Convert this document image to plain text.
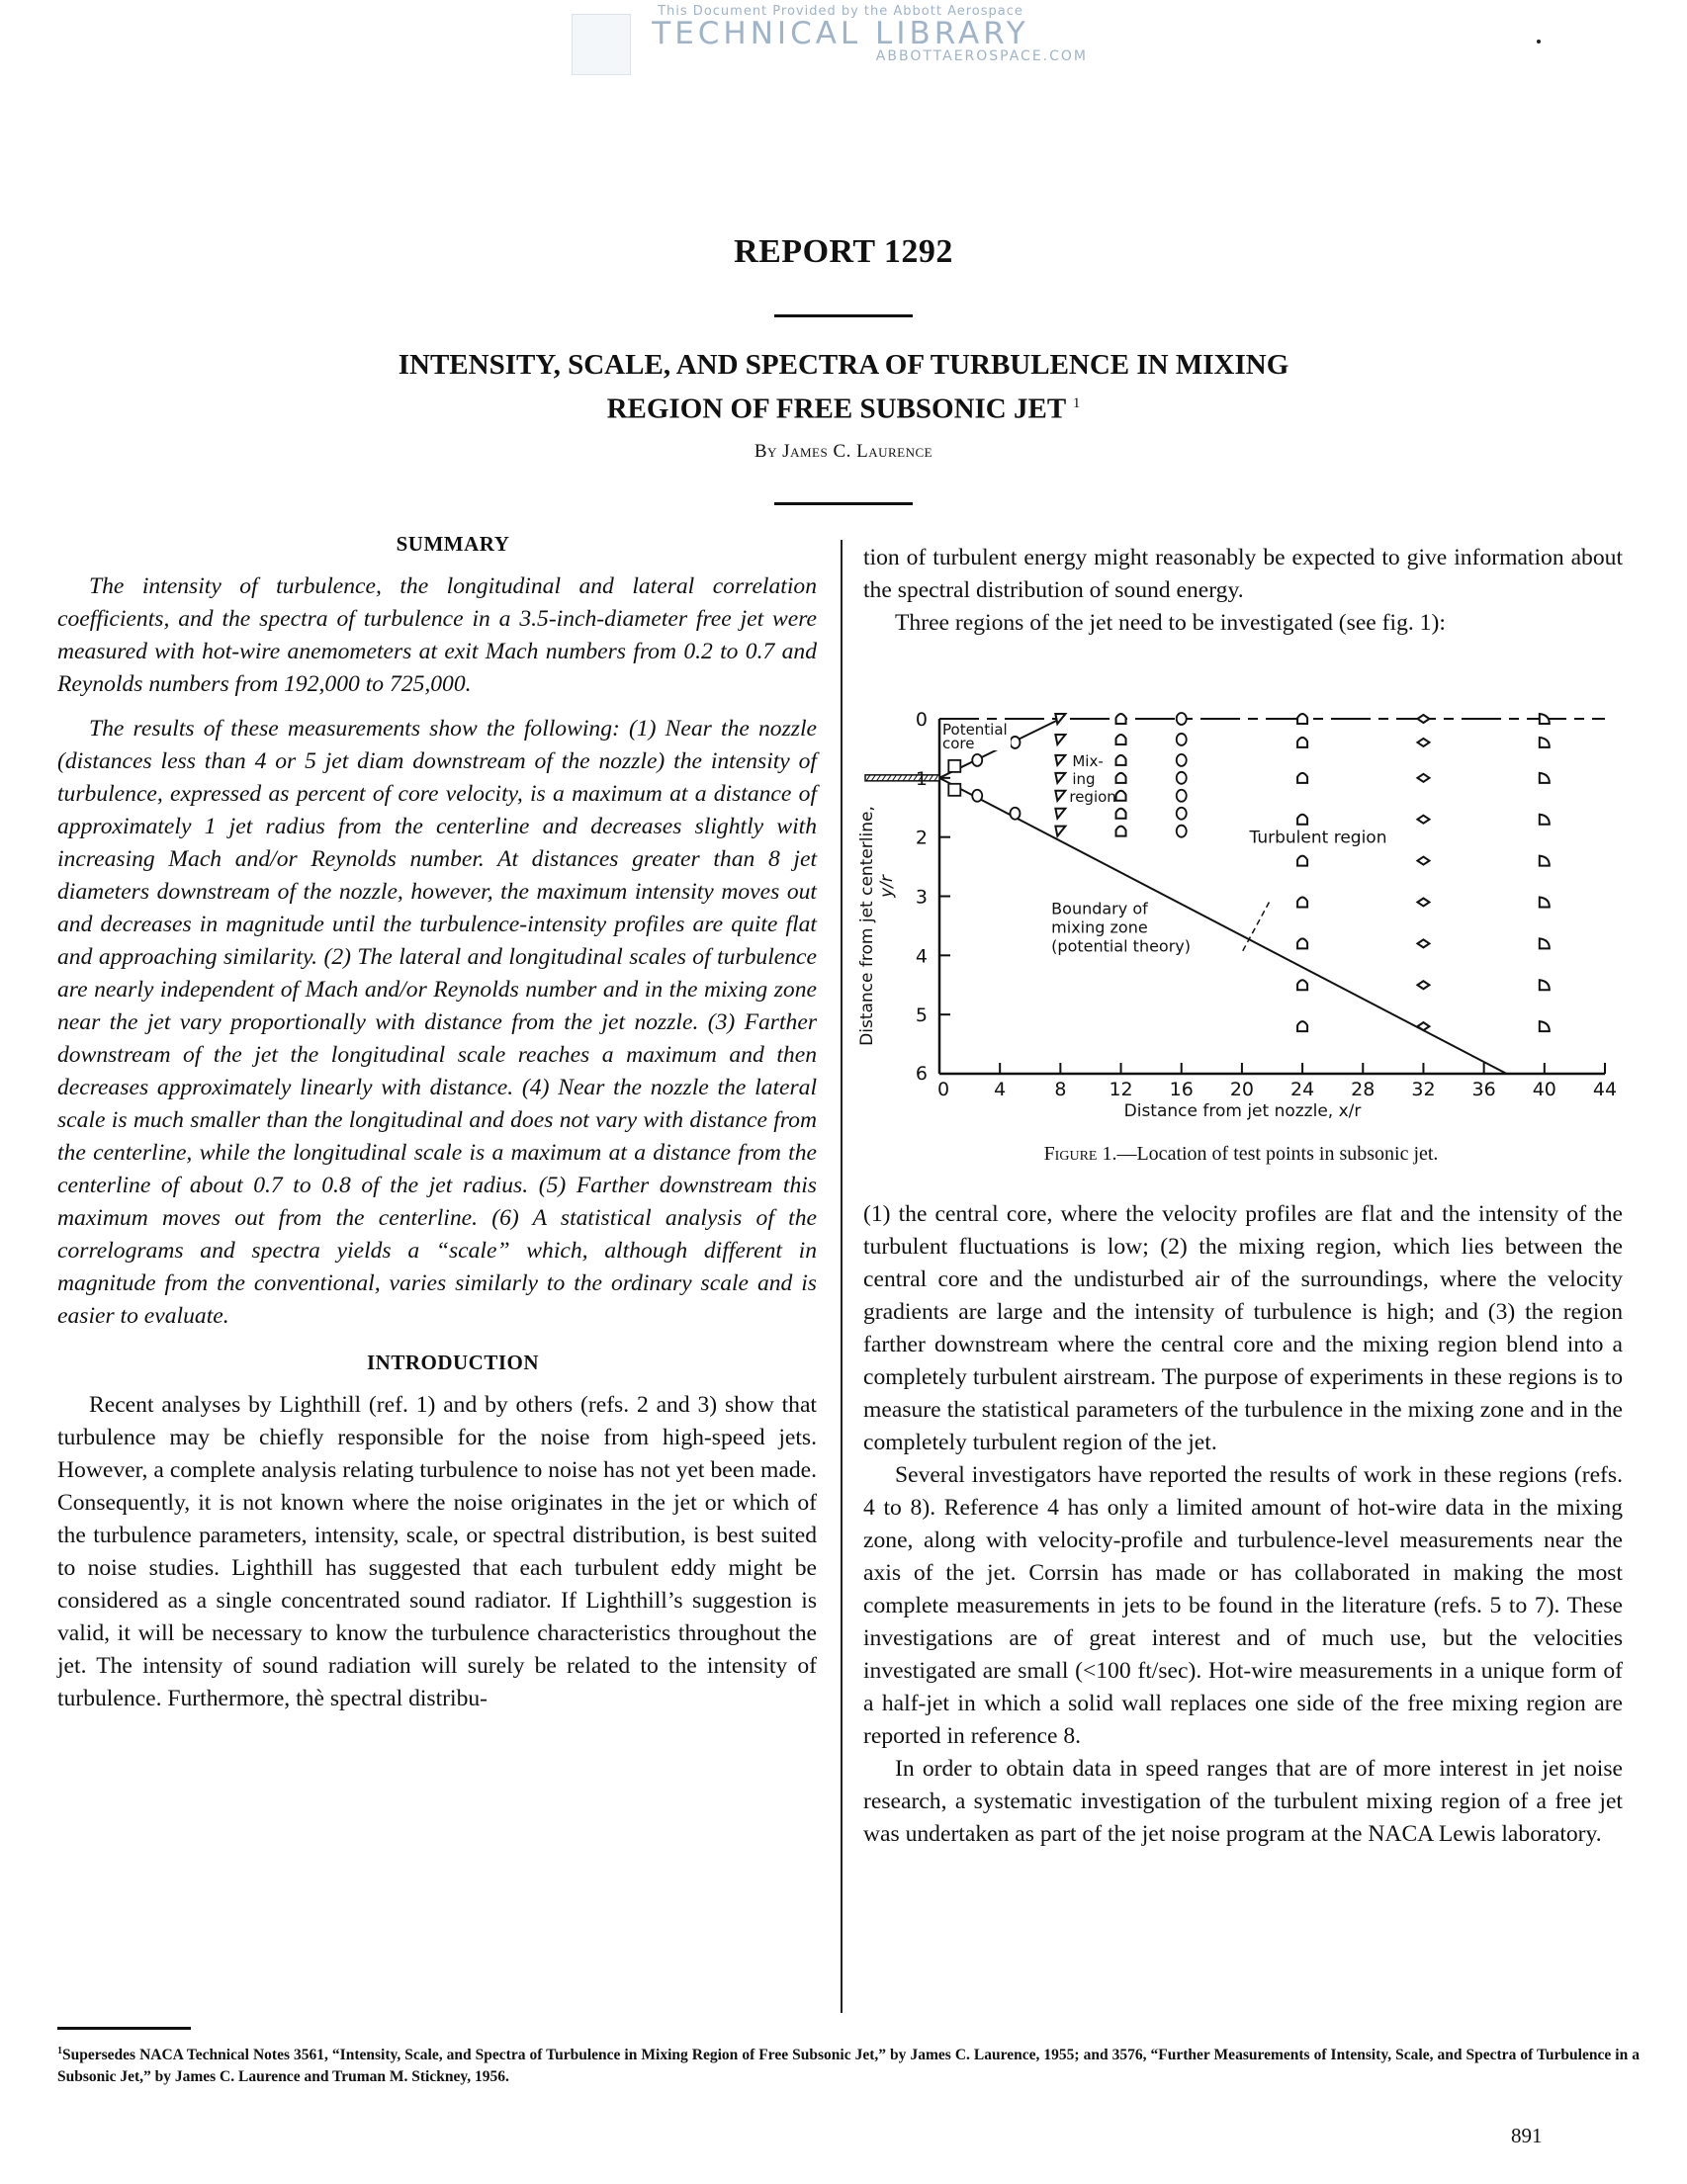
This Document Provided by the Abbott Aerospace
TECHNICAL LIBRARY
ABBOTTAEROSPACE.COM
REPORT 1292
INTENSITY, SCALE, AND SPECTRA OF TURBULENCE IN MIXING
REGION OF FREE SUBSONIC JET $^1$
By James C. Laurence

SUMMARY

The intensity of turbulence, the longitudinal and lateral correlation coefficients, and the spectra of turbulence in a 3.5-inch-diameter free jet were measured with hot-wire anemometers at exit Mach numbers from 0.2 to 0.7 and Reynolds numbers from 192,000 to 725,000.

The results of these measurements show the following: (1) Near the nozzle (distances less than 4 or 5 jet diam downstream of the nozzle) the intensity of turbulence, expressed as percent of core velocity, is a maximum at a distance of approximately 1 jet radius from the centerline and decreases slightly with increasing Mach and/or Reynolds number. At distances greater than 8 jet diameters downstream of the nozzle, however, the maximum intensity moves out and decreases in magnitude until the turbulence-intensity profiles are quite flat and approaching similarity. (2) The lateral and longitudinal scales of turbulence are nearly independent of Mach and/or Reynolds number and in the mixing zone near the jet vary proportionally with distance from the jet nozzle. (3) Farther downstream of the jet the longitudinal scale reaches a maximum and then decreases approximately linearly with distance. (4) Near the nozzle the lateral scale is much smaller than the longitudinal and does not vary with distance from the centerline, while the longitudinal scale is a maximum at a distance from the centerline of about 0.7 to 0.8 of the jet radius. (5) Farther downstream this maximum moves out from the centerline. (6) A statistical analysis of the correlograms and spectra yields a “scale” which, although different in magnitude from the conventional, varies similarly to the ordinary scale and is easier to evaluate.

INTRODUCTION

Recent analyses by Lighthill (ref. 1) and by others (refs. 2 and 3) show that turbulence may be chiefly responsible for the noise from high-speed jets. However, a complete analysis relating turbulence to noise has not yet been made. Consequently, it is not known where the noise originates in the jet or which of the turbulence parameters, intensity, scale, or spectral distribution, is best suited to noise studies. Lighthill has suggested that each turbulent eddy might be considered as a single concentrated sound radiator. If Lighthill’s suggestion is valid, it will be necessary to know the turbulence characteristics throughout the jet. The intensity of sound radiation will surely be related to the intensity of turbulence. Furthermore, thè spectral distribu-

tion of turbulent energy might reasonably be expected to give information about the spectral distribution of sound energy.

Three regions of the jet need to be investigated (see fig. 1):

0 4	8 12 16 20 24 28 32 36 40 44
0
1
2
3
4
5
6
Distance from jet nozzle, x/r
Distance from jet centerline, y/r
Potential
core
Mix-
ing
region
Turbulent region
Boundary of
mixing zone
(potential theory)
Figure 1.—Location of test points in subsonic jet.

(1) the central core, where the velocity profiles are flat and the intensity of the turbulent fluctuations is low; (2) the mixing region, which lies between the central core and the undisturbed air of the surroundings, where the velocity gradients are large and the intensity of turbulence is high; and (3) the region farther downstream where the central core and the mixing region blend into a completely turbulent airstream. The purpose of experiments in these regions is to measure the statistical parameters of the turbulence in the mixing zone and in the completely turbulent region of the jet.

Several investigators have reported the results of work in these regions (refs. 4 to 8). Reference 4 has only a limited amount of hot-wire data in the mixing zone, along with velocity-profile and turbulence-level measurements near the axis of the jet. Corrsin has made or has collaborated in making the most complete measurements in jets to be found in the literature (refs. 5 to 7). These investigations are of great interest and of much use, but the velocities investigated are small (<100 ft/sec). Hot-wire measurements in a unique form of a half-jet in which a solid wall replaces one side of the free mixing region are reported in reference 8.

In order to obtain data in speed ranges that are of more interest in jet noise research, a systematic investigation of the turbulent mixing region of a free jet was undertaken as part of the jet noise program at the NACA Lewis laboratory.

$^1$Supersedes NACA Technical Notes 3561, “Intensity, Scale, and Spectra of Turbulence in Mixing Region of Free Subsonic Jet,” by James C. Laurence, 1955; and 3576, “Further Measurements of Intensity, Scale, and Spectra of Turbulence in a Subsonic Jet,” by James C. Laurence and Truman M. Stickney, 1956.
891
